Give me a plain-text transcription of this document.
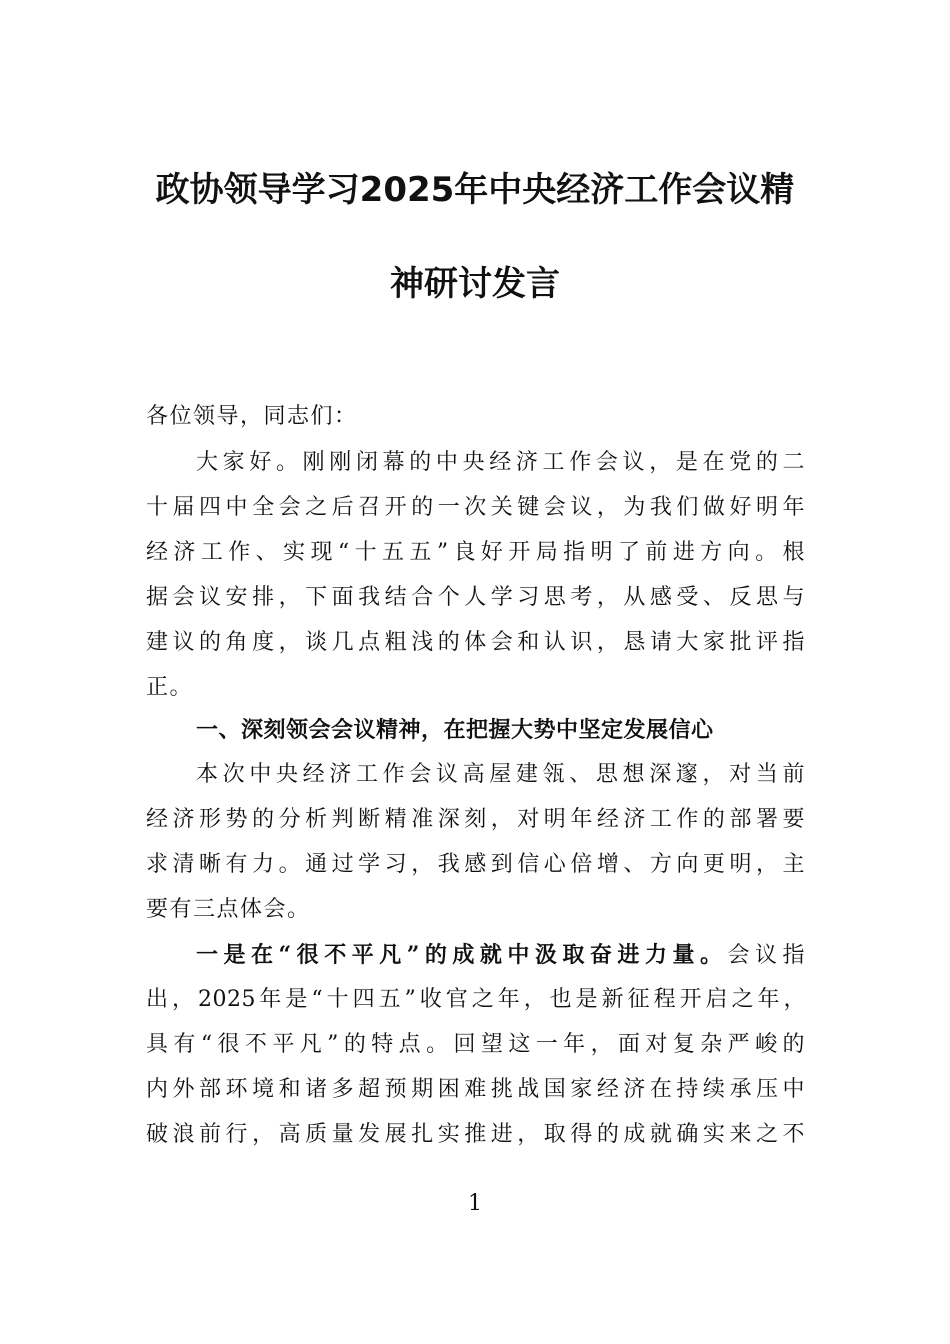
政协领导学习2025年中央经济工作会议精
神研讨发言
各位领导，同志们：
大家好。刚刚闭幕的中央经济工作会议，是在党的二
十届四中全会之后召开的一次关键会议，为我们做好明年
经济工作、实现“十五五”良好开局指明了前进方向。根
据会议安排，下面我结合个人学习思考，从感受、反思与
建议的角度，谈几点粗浅的体会和认识，恳请大家批评指
正。
一、深刻领会会议精神，在把握大势中坚定发展信心
本次中央经济工作会议高屋建瓴、思想深邃，对当前
经济形势的分析判断精准深刻，对明年经济工作的部署要
求清晰有力。通过学习，我感到信心倍增、方向更明，主
要有三点体会。
一是在“很不平凡”的成就中汲取奋进力量。会议指
出，2025年是“十四五”收官之年，也是新征程开启之年，
具有“很不平凡”的特点。回望这一年，面对复杂严峻的
内外部环境和诸多超预期困难挑战国家经济在持续承压中
破浪前行，高质量发展扎实推进，取得的成就确实来之不
1
